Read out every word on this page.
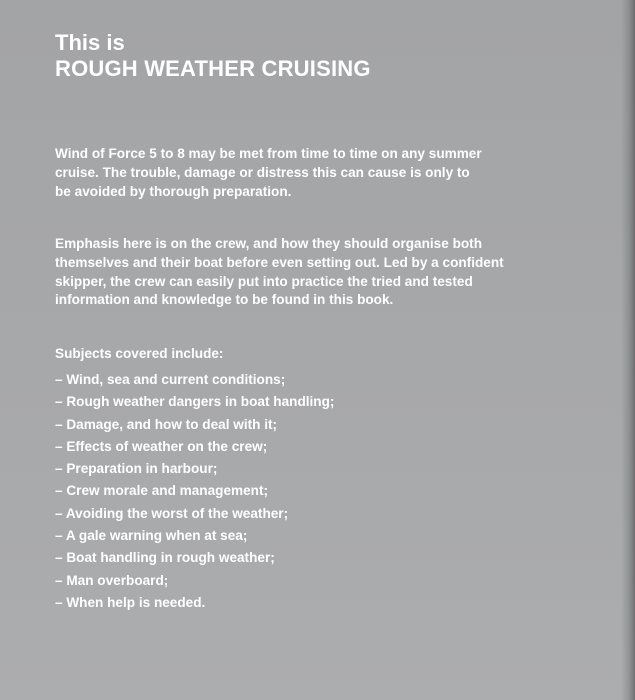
This is
ROUGH WEATHER CRUISING
Wind of Force 5 to 8 may be met from time to time on any summer cruise. The trouble, damage or distress this can cause is only to be avoided by thorough preparation.
Emphasis here is on the crew, and how they should organise both themselves and their boat before even setting out. Led by a confident skipper, the crew can easily put into practice the tried and tested information and knowledge to be found in this book.
Subjects covered include:
– Wind, sea and current conditions;
– Rough weather dangers in boat handling;
– Damage, and how to deal with it;
– Effects of weather on the crew;
– Preparation in harbour;
– Crew morale and management;
– Avoiding the worst of the weather;
– A gale warning when at sea;
– Boat handling in rough weather;
– Man overboard;
– When help is needed.
